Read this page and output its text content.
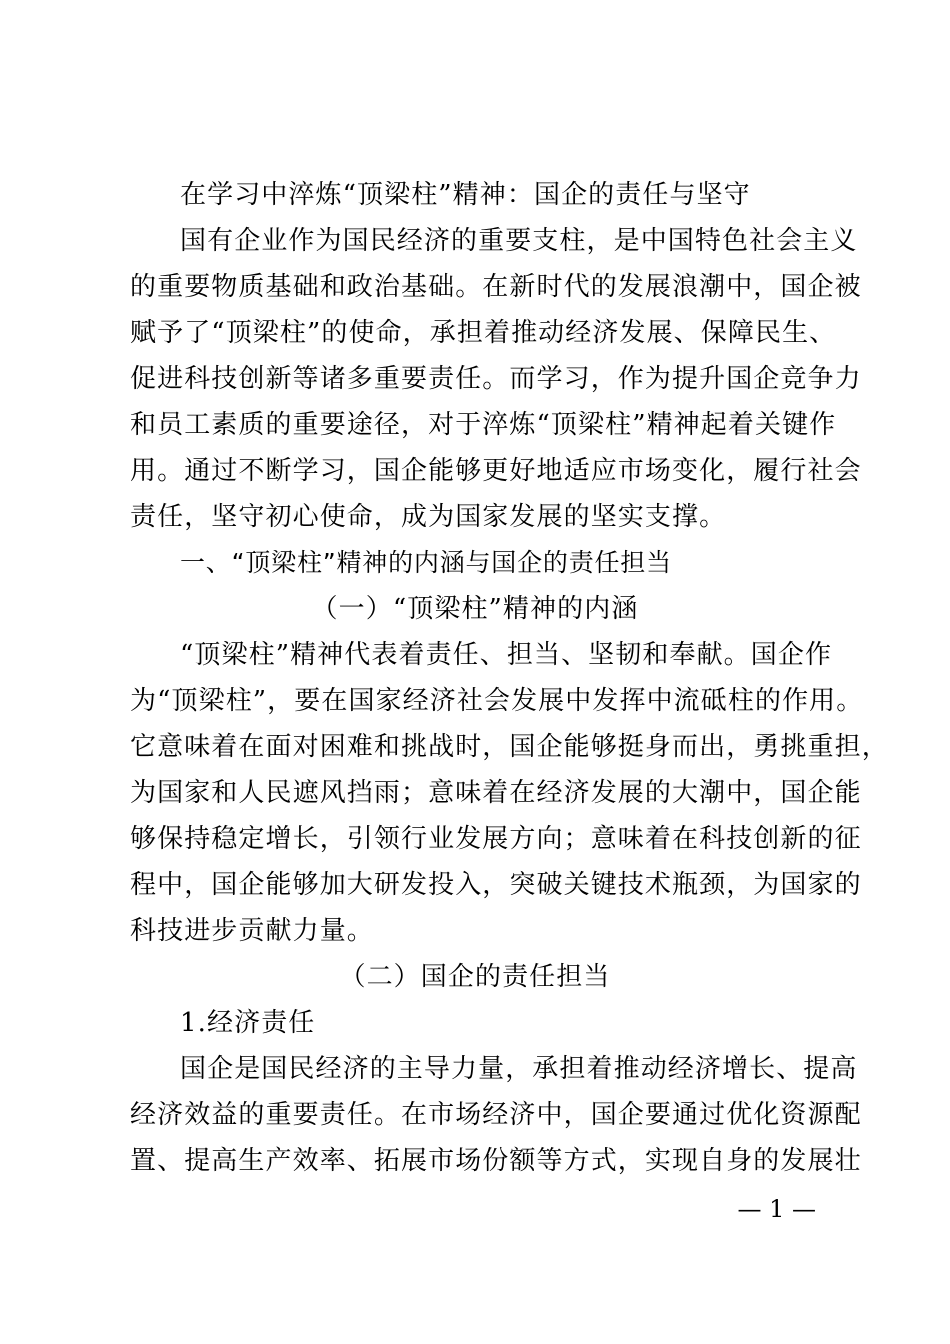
在学习中淬炼“顶梁柱”精神：国企的责任与坚守
国有企业作为国民经济的重要支柱，是中国特色社会主义
的重要物质基础和政治基础。在新时代的发展浪潮中，国企被
赋予了“顶梁柱”的使命，承担着推动经济发展、保障民生、
促进科技创新等诸多重要责任。而学习，作为提升国企竞争力
和员工素质的重要途径，对于淬炼“顶梁柱”精神起着关键作
用。通过不断学习，国企能够更好地适应市场变化，履行社会
责任，坚守初心使命，成为国家发展的坚实支撑。
一、“顶梁柱”精神的内涵与国企的责任担当
（一）“顶梁柱”精神的内涵
“顶梁柱”精神代表着责任、担当、坚韧和奉献。国企作
为“顶梁柱”，要在国家经济社会发展中发挥中流砥柱的作用。
它意味着在面对困难和挑战时，国企能够挺身而出，勇挑重担，
为国家和人民遮风挡雨；意味着在经济发展的大潮中，国企能
够保持稳定增长，引领行业发展方向；意味着在科技创新的征
程中，国企能够加大研发投入，突破关键技术瓶颈，为国家的
科技进步贡献力量。
（二）国企的责任担当
1.经济责任
国企是国民经济的主导力量，承担着推动经济增长、提高
经济效益的重要责任。在市场经济中，国企要通过优化资源配
置、提高生产效率、拓展市场份额等方式，实现自身的发展壮
— 1 —
